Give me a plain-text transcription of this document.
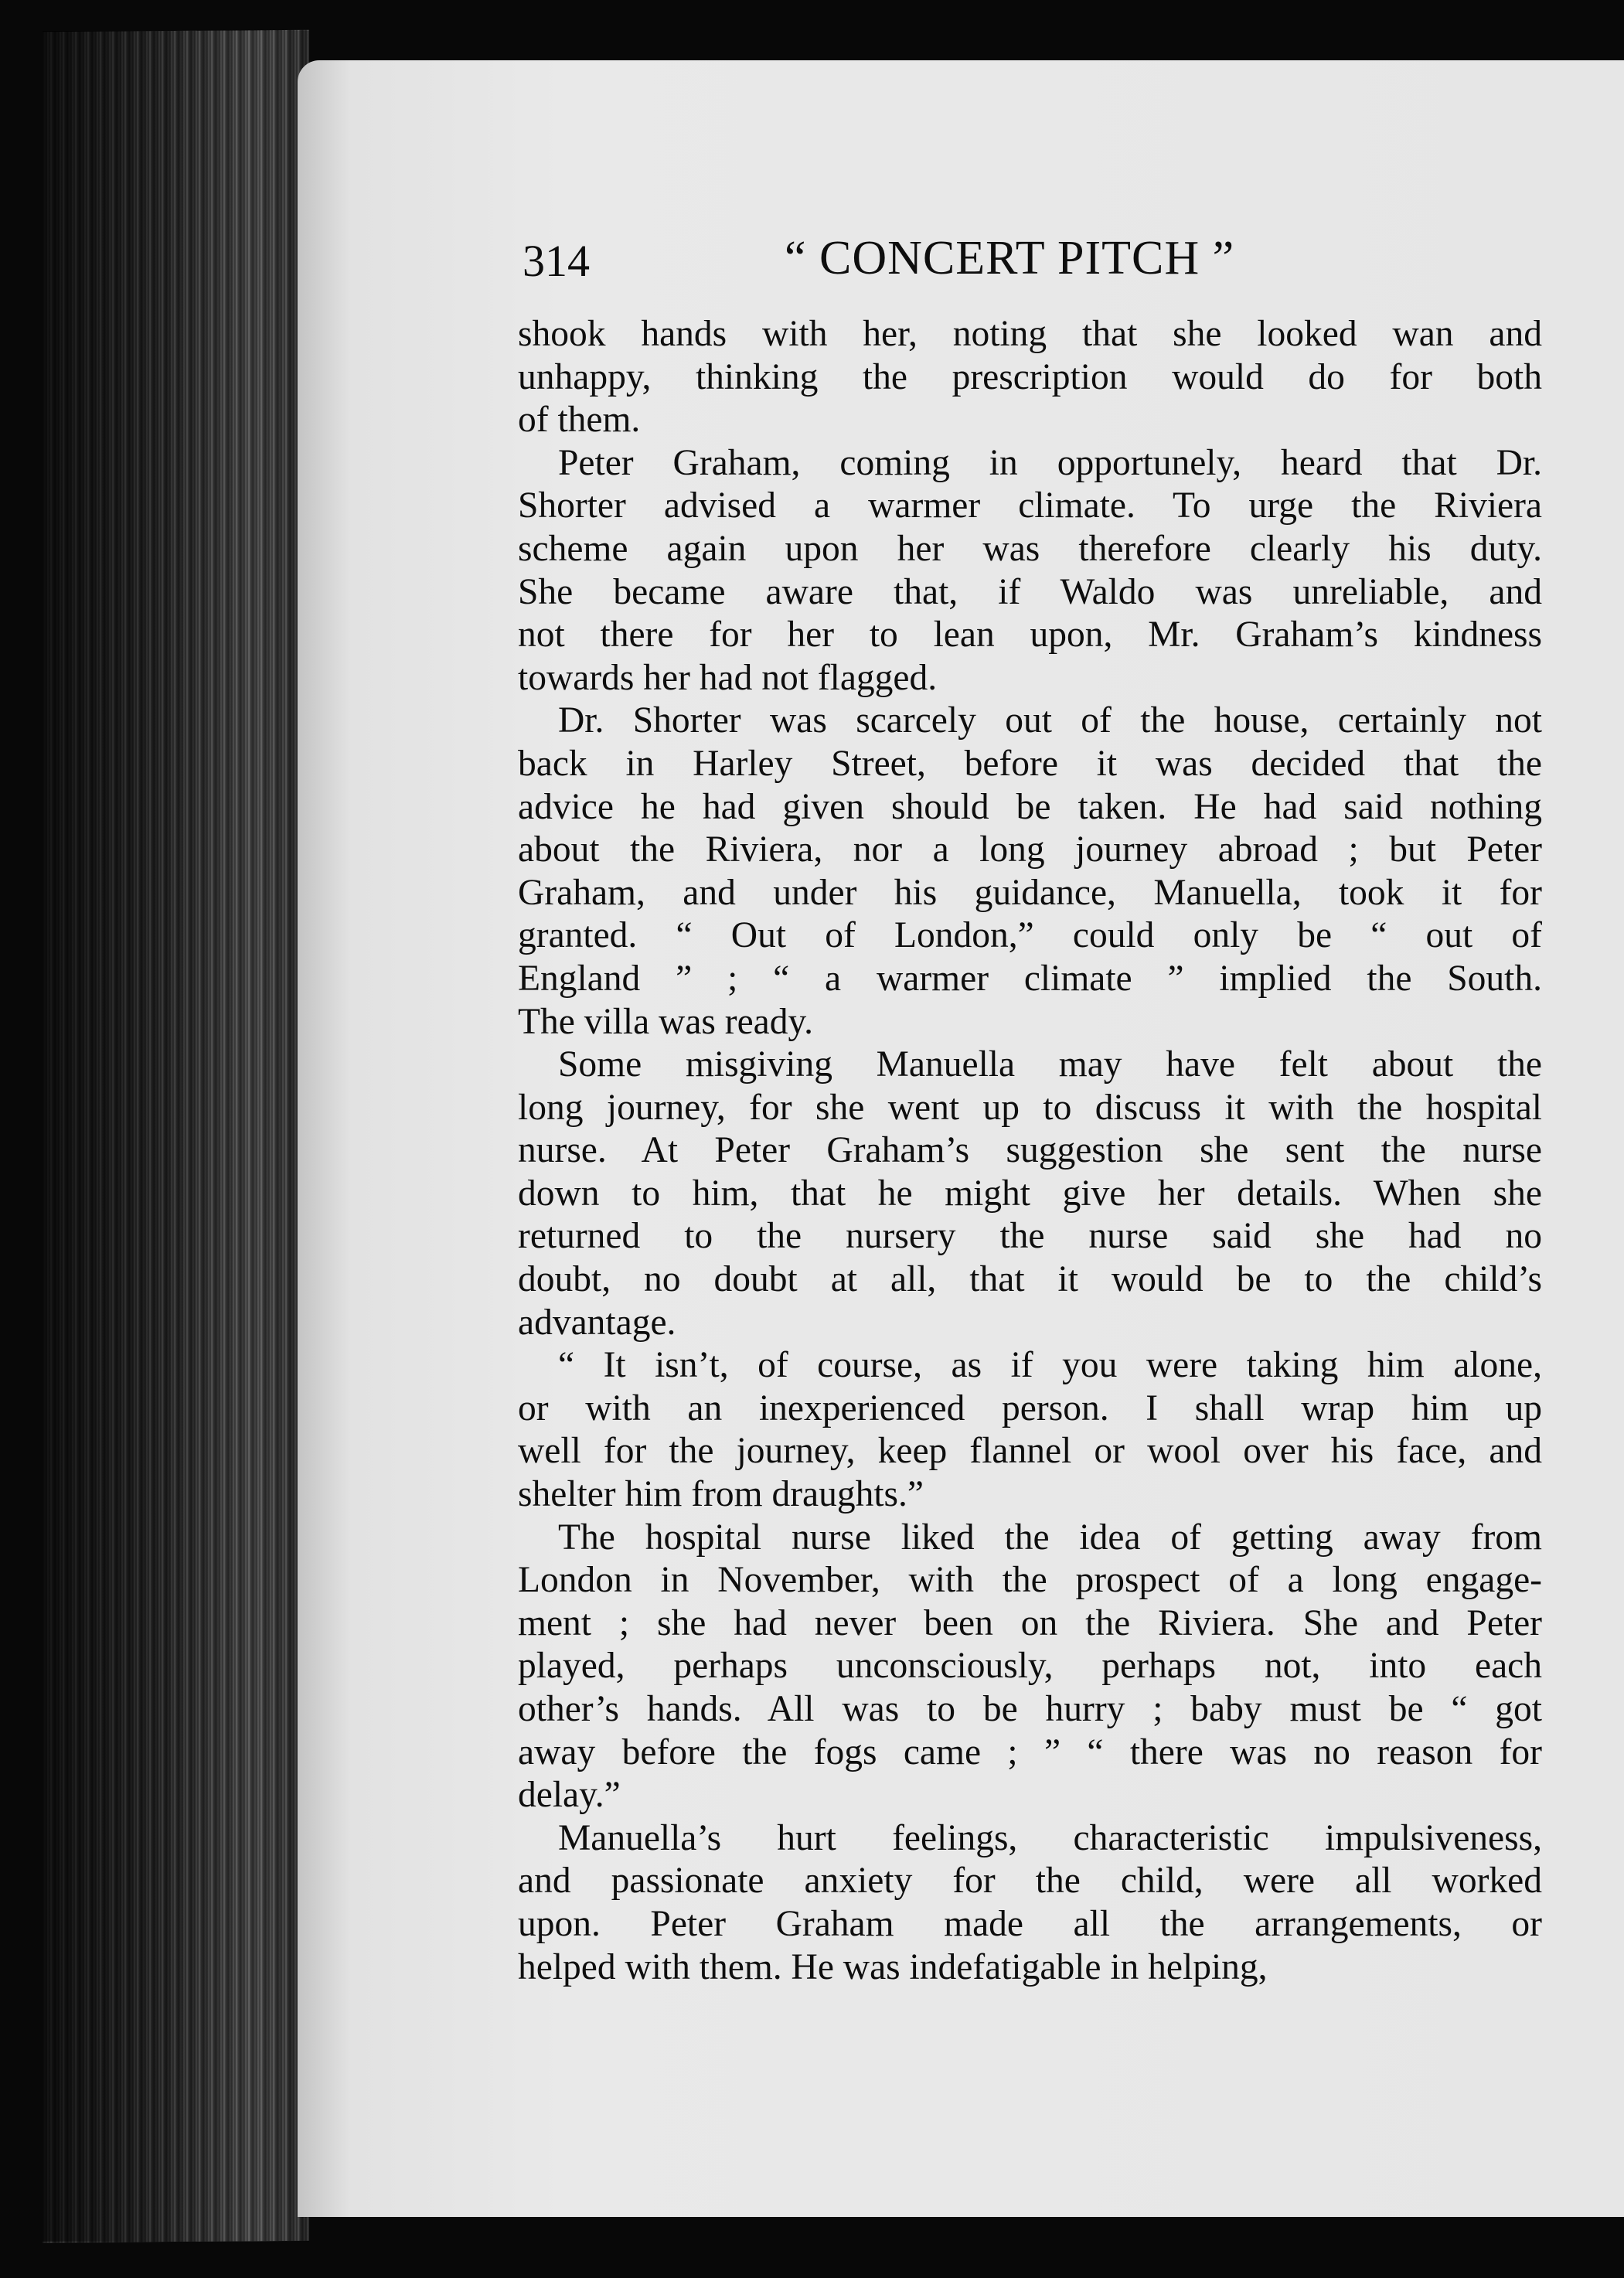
314	“ CONCERT PITCH ”

shook hands with her, noting that she looked wan and
unhappy, thinking the prescription would do for both
of them.

Peter Graham, coming in opportunely, heard that Dr.
Shorter advised a warmer climate. To urge the Riviera
scheme again upon her was therefore clearly his duty.
She became aware that, if Waldo was unreliable, and
not there for her to lean upon, Mr. Graham’s kindness
towards her had not flagged.

Dr. Shorter was scarcely out of the house, certainly not
back in Harley Street, before it was decided that the
advice he had given should be taken. He had said nothing
about the Riviera, nor a long journey abroad ; but Peter
Graham, and under his guidance, Manuella, took it for
granted. “ Out of London,” could only be “ out of
England ” ; “ a warmer climate ” implied the South.
The villa was ready.

Some misgiving Manuella may have felt about the
long journey, for she went up to discuss it with the hospital
nurse. At Peter Graham’s suggestion she sent the nurse
down to him, that he might give her details. When she
returned to the nursery the nurse said she had no
doubt, no doubt at all, that it would be to the child’s
advantage.

“ It isn’t, of course, as if you were taking him alone,
or with an inexperienced person. I shall wrap him up
well for the journey, keep flannel or wool over his face, and
shelter him from draughts.”

The hospital nurse liked the idea of getting away from
London in November, with the prospect of a long engage-
ment ; she had never been on the Riviera. She and Peter
played, perhaps unconsciously, perhaps not, into each
other’s hands. All was to be hurry ; baby must be “ got
away before the fogs came ; ” “ there was no reason for
delay.”

Manuella’s hurt feelings, characteristic impulsiveness,
and passionate anxiety for the child, were all worked
upon. Peter Graham made all the arrangements, or
helped with them. He was indefatigable in helping,
